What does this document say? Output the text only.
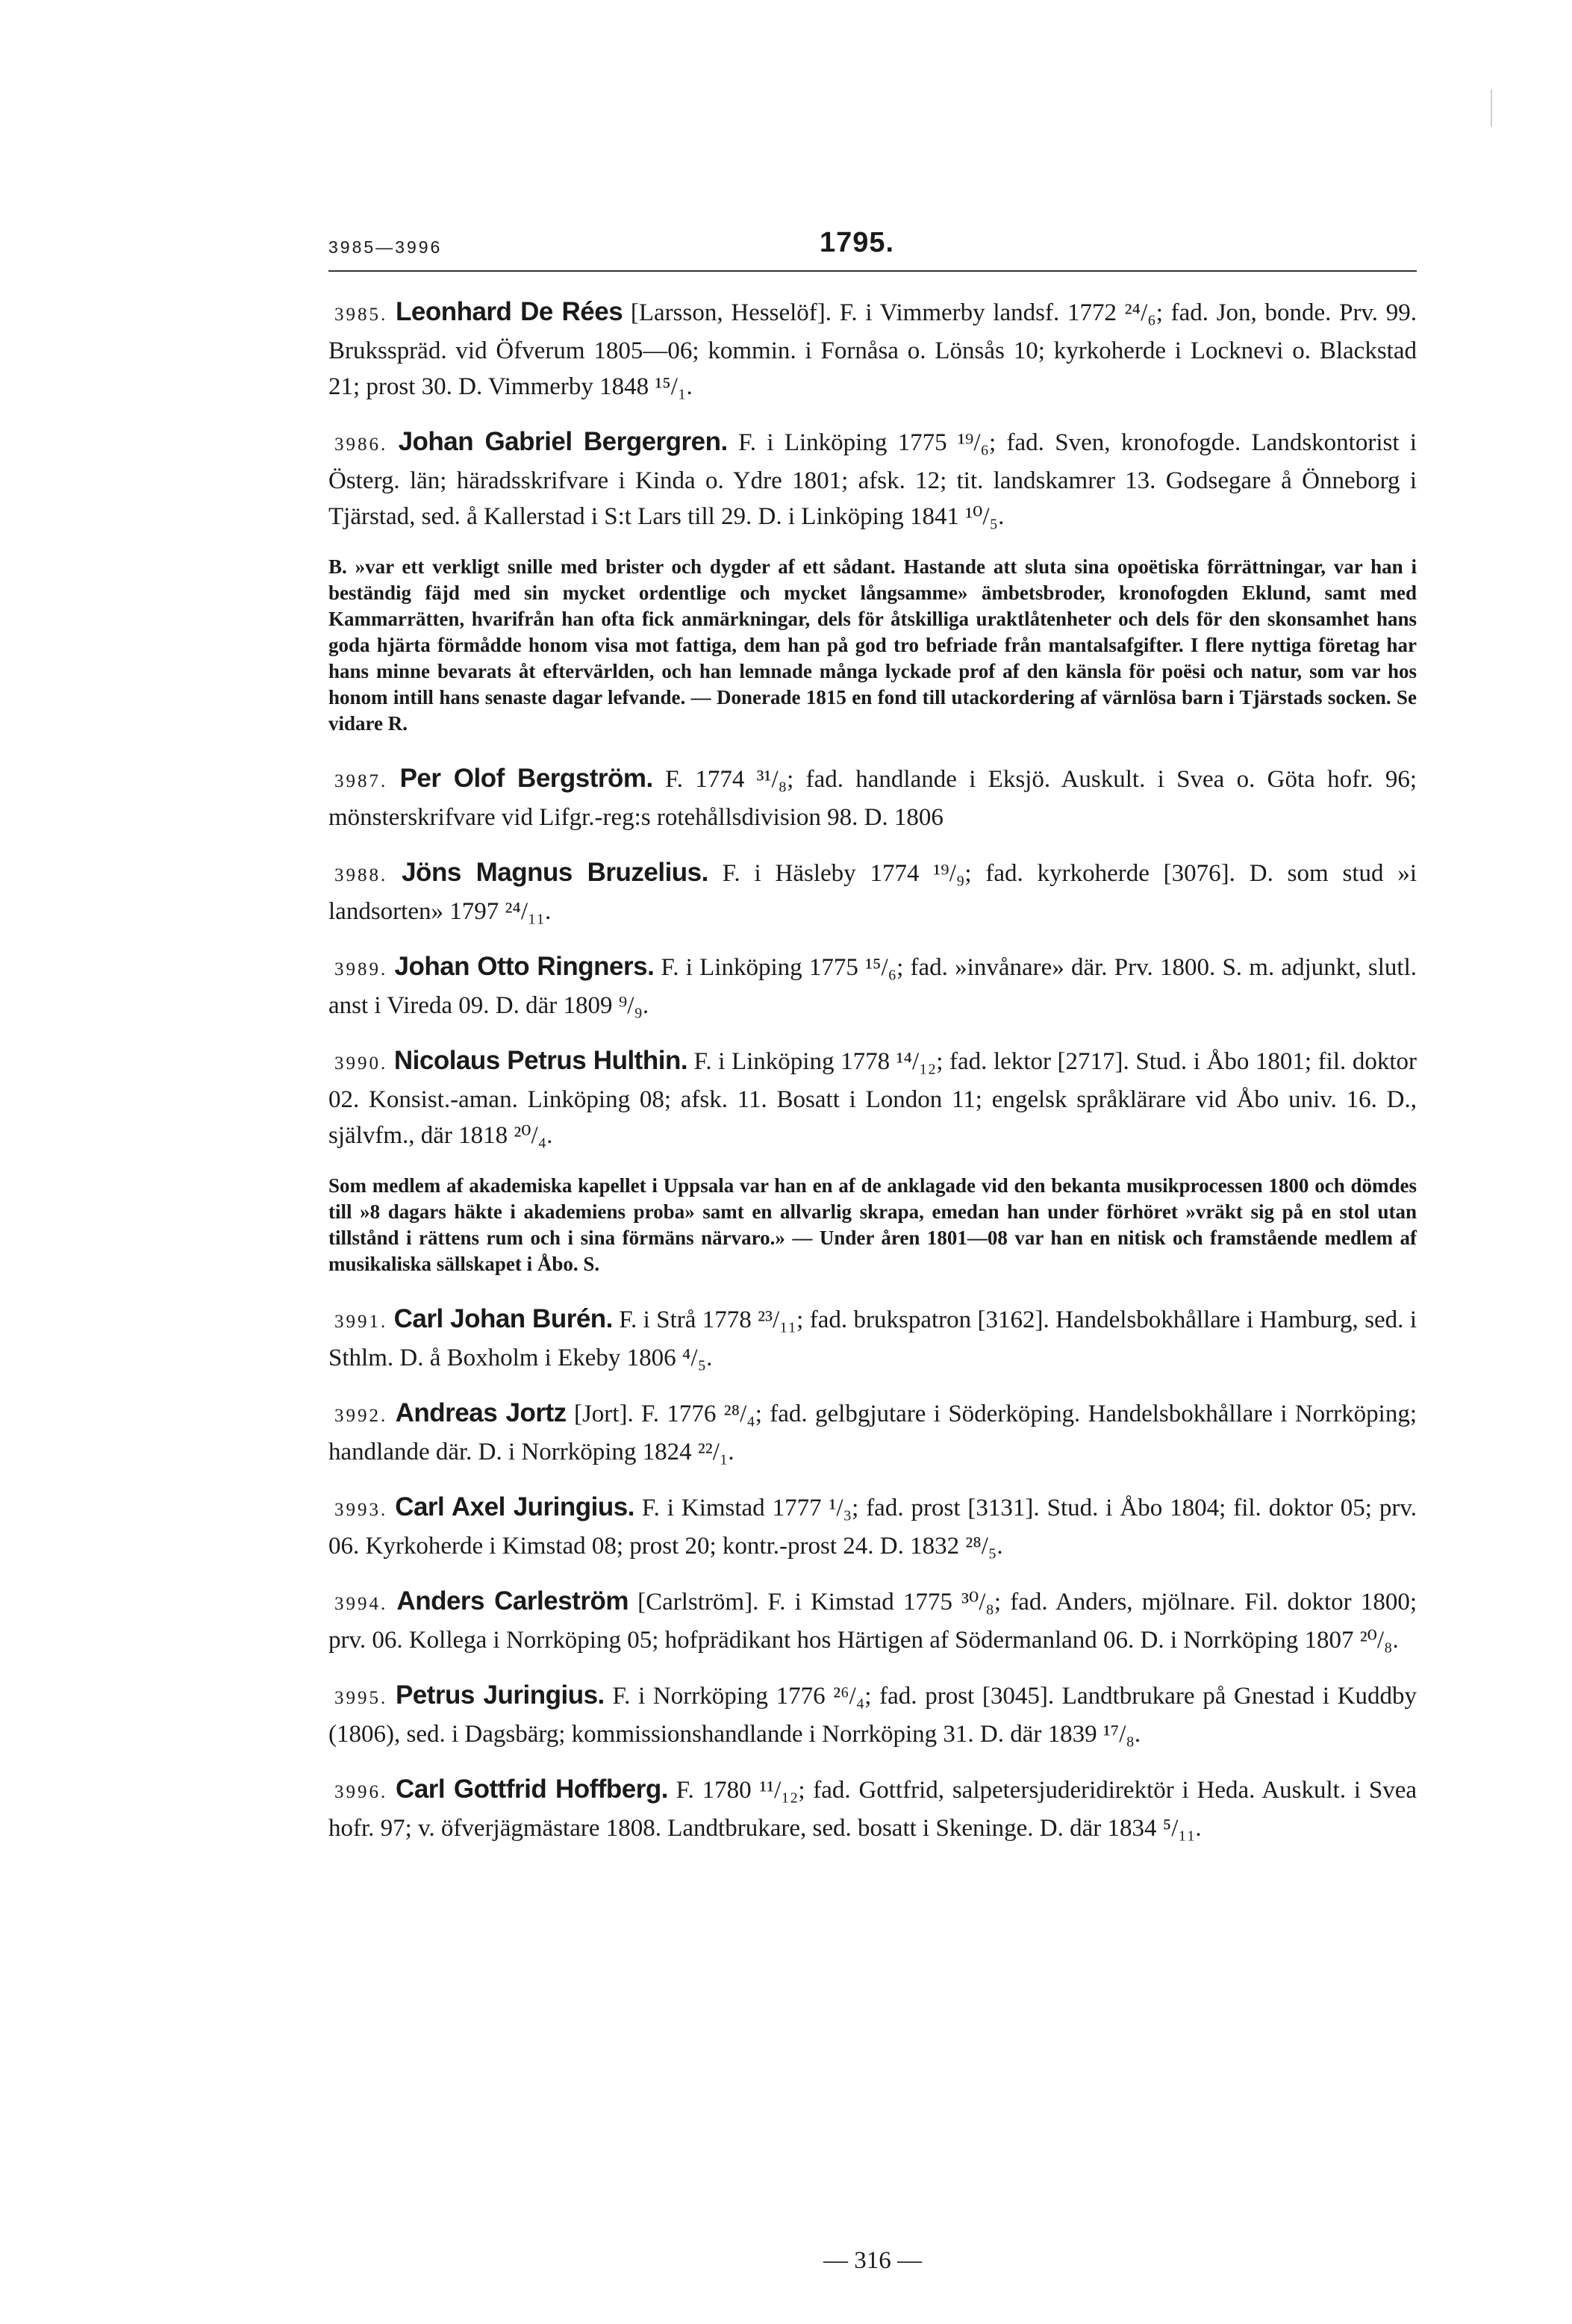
3985—3996	1795.
3985. Leonhard De Rées [Larsson, Hesselöf]. F. i Vimmerby landsf. 1772 ²⁴/₆; fad. Jon, bonde. Prv. 99. Bruksspräd. vid Öfverum 1805—06; kommin. i Fornåsa o. Lönsås 10; kyrkoherde i Locknevi o. Blackstad 21; prost 30. D. Vimmerby 1848 ¹⁵/₁.
3986. Johan Gabriel Bergergren. F. i Linköping 1775 ¹⁹/₆; fad. Sven, kronofogde. Landskontorist i Österg. län; häradsskrifvare i Kinda o. Ydre 1801; afsk. 12; tit. landskamrer 13. Godsegare å Önneborg i Tjärstad, sed. å Kallerstad i S:t Lars till 29. D. i Linköping 1841 ¹⁰/₅.
B. »var ett verkligt snille med brister och dygder af ett sådant. Hastande att sluta sina opoëtiska förrättningar, var han i beständig fäjd med sin mycket ordentlige och mycket långsamme» ämbetsbroder, kronofogden Eklund, samt med Kammarrätten, hvarifrån han ofta fick anmärkningar, dels för åtskilliga uraktlåtenheter och dels för den skonsamhet hans goda hjärta förmådde honom visa mot fattiga, dem han på god tro befriade från mantalsafgifter. I flere nyttiga företag har hans minne bevarats åt eftervärlden, och han lemnade många lyckade prof af den känsla för poësi och natur, som var hos honom intill hans senaste dagar lefvande. — Donerade 1815 en fond till utackordering af värnlösa barn i Tjärstads socken. Se vidare R.
3987. Per Olof Bergström. F. 1774 ³¹/₈; fad. handlande i Eksjö. Auskult. i Svea o. Göta hofr. 96; mönsterskrifvare vid Lifgr.-reg:s rotehållsdivision 98. D. 1806
3988. Jöns Magnus Bruzelius. F. i Häsleby 1774 ¹⁹/₉; fad. kyrkoherde [3076]. D. som stud »i landsorten» 1797 ²⁴/₁₁.
3989. Johan Otto Ringners. F. i Linköping 1775 ¹⁵/₆; fad. »invånare» där. Prv. 1800. S. m. adjunkt, slutl. anst i Vireda 09. D. där 1809 ⁹/₉.
3990. Nicolaus Petrus Hulthin. F. i Linköping 1778 ¹⁴/₁₂; fad. lektor [2717]. Stud. i Åbo 1801; fil. doktor 02. Konsist.-aman. Linköping 08; afsk. 11. Bosatt i London 11; engelsk språklärare vid Åbo univ. 16. D., självfm., där 1818 ²⁰/₄.
Som medlem af akademiska kapellet i Uppsala var han en af de anklagade vid den bekanta musikprocessen 1800 och dömdes till »8 dagars häkte i akademiens proba» samt en allvarlig skrapa, emedan han under förhöret »vräkt sig på en stol utan tillstånd i rättens rum och i sina förmäns närvaro.» — Under åren 1801—08 var han en nitisk och framstående medlem af musikaliska sällskapet i Åbo. S.
3991. Carl Johan Burén. F. i Strå 1778 ²³/₁₁; fad. brukspatron [3162]. Handelsbokhållare i Hamburg, sed. i Sthlm. D. å Boxholm i Ekeby 1806 ⁴/₅.
3992. Andreas Jortz [Jort]. F. 1776 ²⁸/₄; fad. gelbgjutare i Söderköping. Handelsbokhållare i Norrköping; handlande där. D. i Norrköping 1824 ²²/₁.
3993. Carl Axel Juringius. F. i Kimstad 1777 ¹/₃; fad. prost [3131]. Stud. i Åbo 1804; fil. doktor 05; prv. 06. Kyrkoherde i Kimstad 08; prost 20; kontr.-prost 24. D. 1832 ²⁸/₅.
3994. Anders Carleström [Carlström]. F. i Kimstad 1775 ³⁰/₈; fad. Anders, mjölnare. Fil. doktor 1800; prv. 06. Kollega i Norrköping 05; hofprädikant hos Härtigen af Södermanland 06. D. i Norrköping 1807 ²⁰/₈.
3995. Petrus Juringius. F. i Norrköping 1776 ²⁶/₄; fad. prost [3045]. Landtbrukare på Gnestad i Kuddby (1806), sed. i Dagsbärg; kommissionshandlande i Norrköping 31. D. där 1839 ¹⁷/₈.
3996. Carl Gottfrid Hoffberg. F. 1780 ¹¹/₁₂; fad. Gottfrid, salpetersjuderidirektör i Heda. Auskult. i Svea hofr. 97; v. öfverjägmästare 1808. Landtbrukare, sed. bosatt i Skeninge. D. där 1834 ⁵/₁₁.
— 316 —
